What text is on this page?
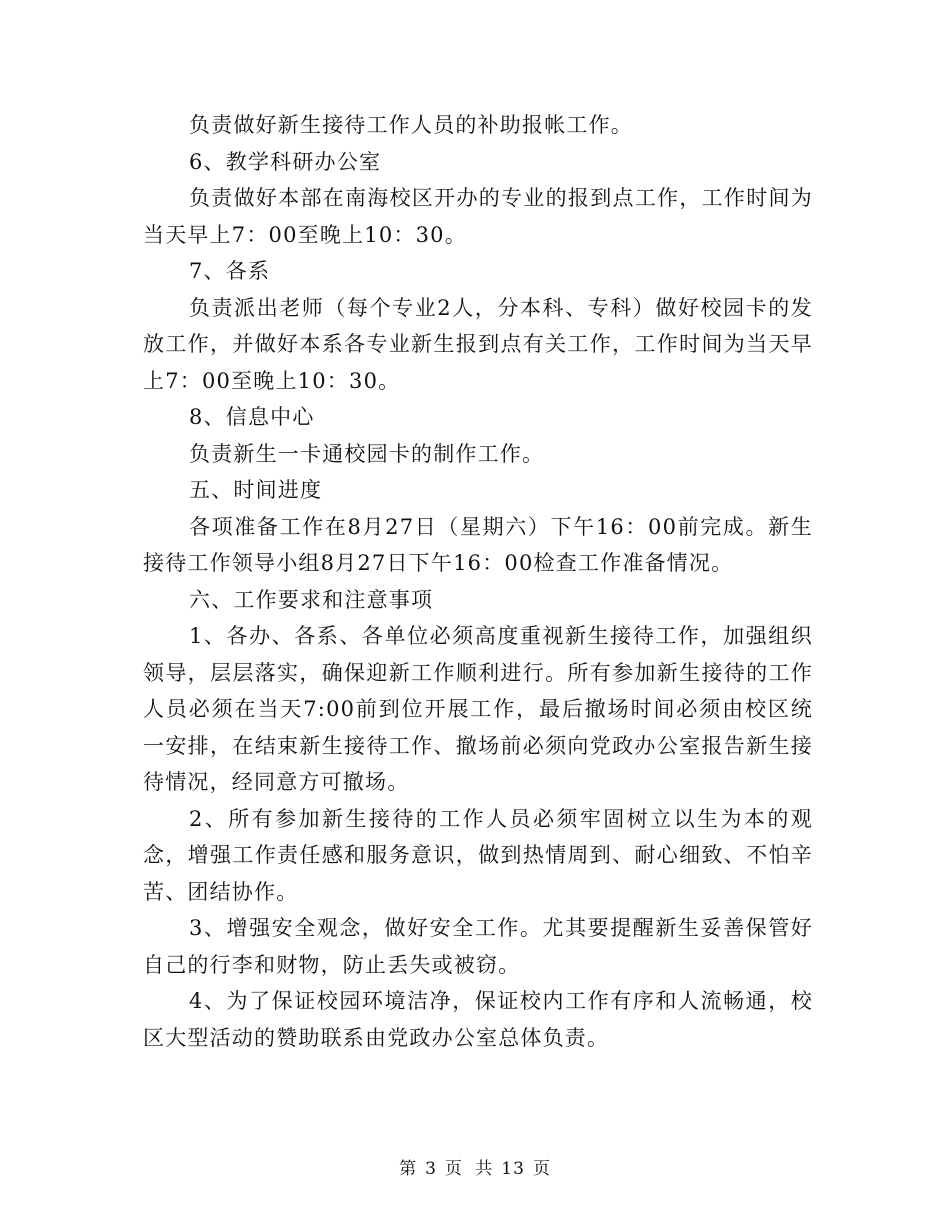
负责做好新生接待工作人员的补助报帐工作。

6、教学科研办公室

负责做好本部在南海校区开办的专业的报到点工作，工作时间为当天早上7：00至晚上10：30。

7、各系

负责派出老师（每个专业2人，分本科、专科）做好校园卡的发放工作，并做好本系各专业新生报到点有关工作，工作时间为当天早上7：00至晚上10：30。

8、信息中心

负责新生一卡通校园卡的制作工作。

五、时间进度

各项准备工作在8月27日（星期六）下午16：00前完成。新生接待工作领导小组8月27日下午16：00检查工作准备情况。

六、工作要求和注意事项

1、各办、各系、各单位必须高度重视新生接待工作，加强组织领导，层层落实，确保迎新工作顺利进行。所有参加新生接待的工作人员必须在当天7:00前到位开展工作，最后撤场时间必须由校区统一安排，在结束新生接待工作、撤场前必须向党政办公室报告新生接待情况，经同意方可撤场。

2、所有参加新生接待的工作人员必须牢固树立以生为本的观念，增强工作责任感和服务意识，做到热情周到、耐心细致、不怕辛苦、团结协作。

3、增强安全观念，做好安全工作。尤其要提醒新生妥善保管好自己的行李和财物，防止丢失或被窃。

4、为了保证校园环境洁净，保证校内工作有序和人流畅通，校区大型活动的赞助联系由党政办公室总体负责。

第 3 页 共 13 页
